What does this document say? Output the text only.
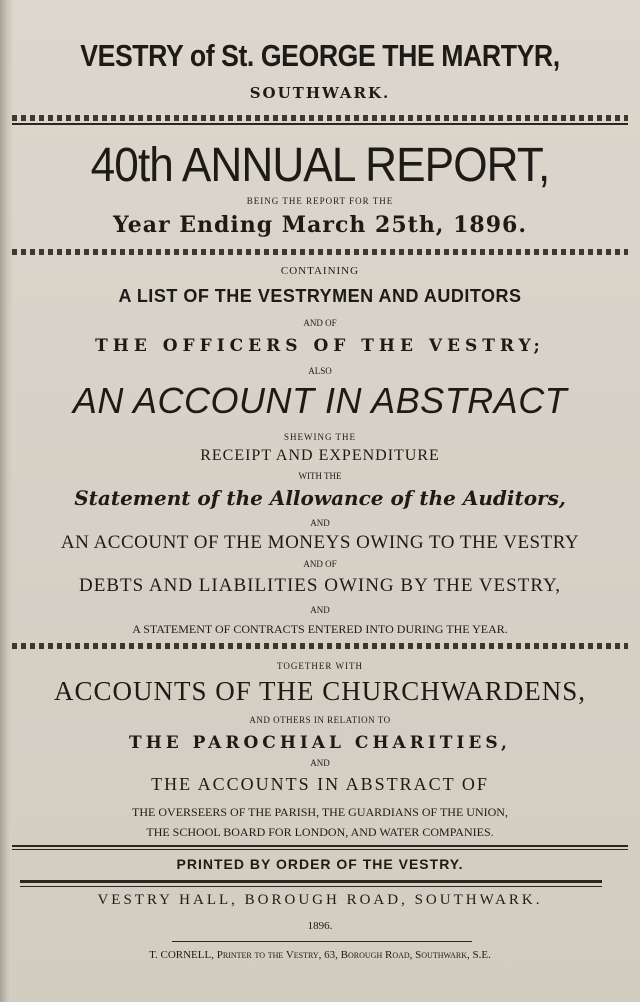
VESTRY of St. GEORGE THE MARTYR,
SOUTHWARK.
40th ANNUAL REPORT,
BEING THE REPORT FOR THE
Year Ending March 25th, 1896.
CONTAINING
A LIST OF THE VESTRYMEN AND AUDITORS
AND OF
THE OFFICERS OF THE VESTRY;
ALSO
AN ACCOUNT IN ABSTRACT
SHEWING THE
RECEIPT AND EXPENDITURE
WITH THE
Statement of the Allowance of the Auditors,
AND
AN ACCOUNT OF THE MONEYS OWING TO THE VESTRY
AND OF
DEBTS AND LIABILITIES OWING BY THE VESTRY,
AND
A STATEMENT OF CONTRACTS ENTERED INTO DURING THE YEAR.
TOGETHER WITH
ACCOUNTS OF THE CHURCHWARDENS,
AND OTHERS IN RELATION TO
THE PAROCHIAL CHARITIES,
AND
THE ACCOUNTS IN ABSTRACT OF
THE OVERSEERS OF THE PARISH, THE GUARDIANS OF THE UNION,
THE SCHOOL BOARD FOR LONDON, AND WATER COMPANIES.
PRINTED BY ORDER OF THE VESTRY.
VESTRY HALL, BOROUGH ROAD, SOUTHWARK.
1896.
T. CORNELL, Printer to the Vestry, 63, Borough Road, Southwark, S.E.
